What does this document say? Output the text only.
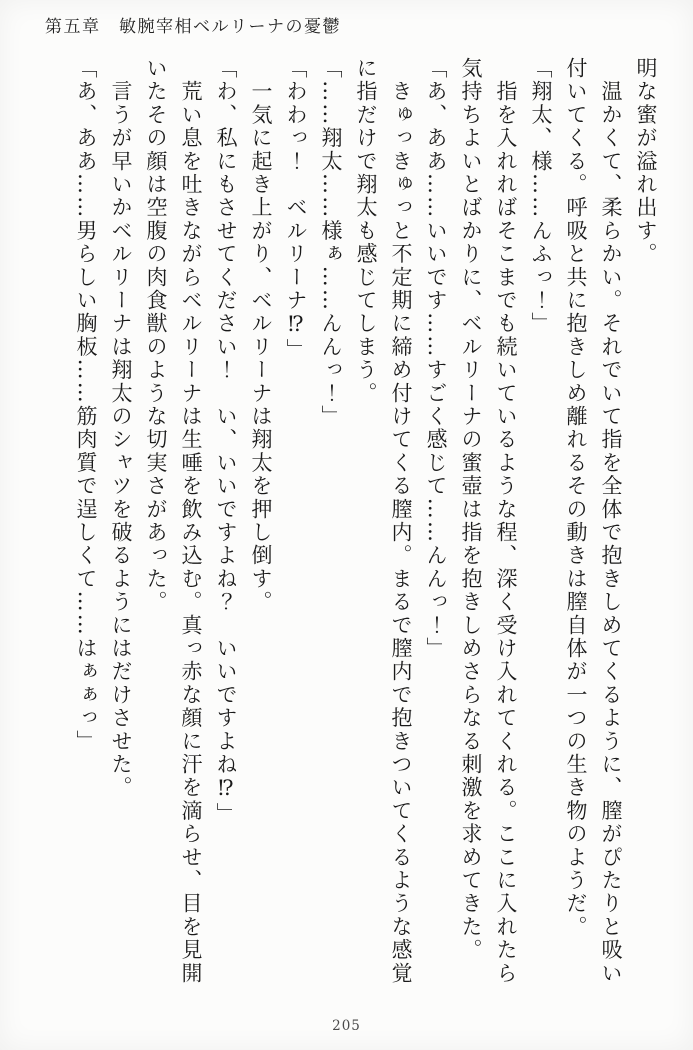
第五章　敏腕宰相ベルリーナの憂鬱
明な蜜が溢れ出す。
　温かくて、柔らかい。それでいて指を全体で抱きしめてくるように、膣がぴたりと吸い
付いてくる。呼吸と共に抱きしめ離れるその動きは膣自体が一つの生き物のようだ。
「翔太、様……んふっ！」
　指を入れればそこまでも続いているような程、深く受け入れてくれる。ここに入れたら
気持ちよいとばかりに、ベルリーナの蜜壺は指を抱きしめさらなる刺激を求めてきた。
「あ、ああ……いいです……すごく感じて……んんっ！」
　きゅっきゅっと不定期に締め付けてくる膣内。まるで膣内で抱きついてくるような感覚
に指だけで翔太も感じてしまう。
「……翔太……様ぁ……んんっ！」
「わわっ！　ベルリーナ⁉」
　一気に起き上がり、ベルリーナは翔太を押し倒す。
「わ、私にもさせてください！　い、いいですよね？　いいですよね⁉」
　荒い息を吐きながらベルリーナは生唾を飲み込む。真っ赤な顔に汗を滴らせ、目を見開
いたその顔は空腹の肉食獣のような切実さがあった。
　言うが早いかベルリーナは翔太のシャツを破るようにはだけさせた。
「あ、ああ……男らしい胸板……筋肉質で逞しくて……はぁぁっ」
205
